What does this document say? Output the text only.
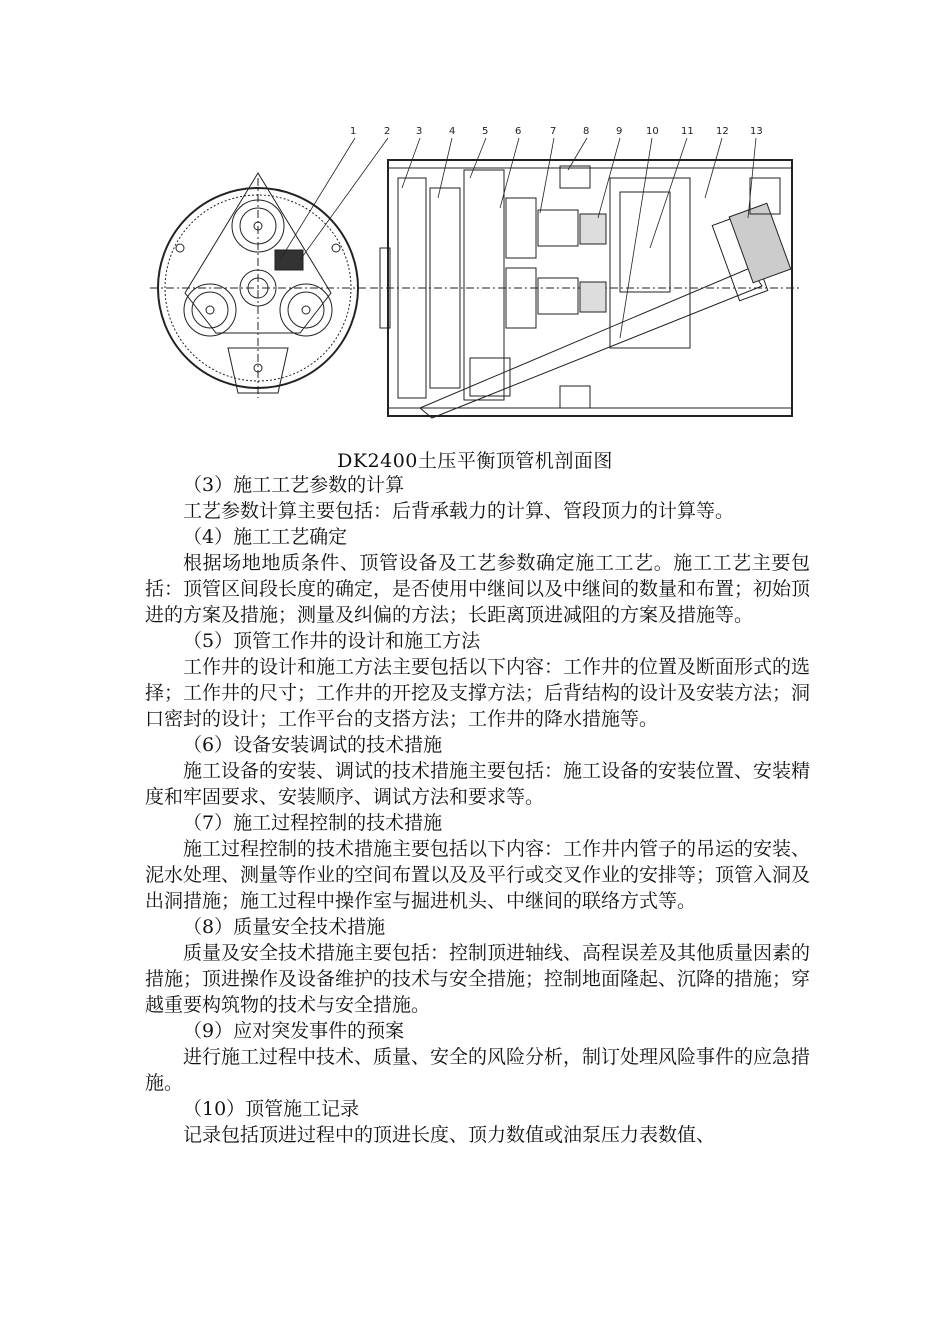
1	2	3	4	5	6	7	8	9 10 11 12 13
DK2400土压平衡顶管机剖面图

（3）施工工艺参数的计算

工艺参数计算主要包括：后背承载力的计算、管段顶力的计算等。

（4）施工工艺确定

根据场地地质条件、顶管设备及工艺参数确定施工工艺。施工工艺主要包括：顶管区间段长度的确定，是否使用中继间以及中继间的数量和布置；初始顶进的方案及措施；测量及纠偏的方法；长距离顶进减阻的方案及措施等。

（5）顶管工作井的设计和施工方法

工作井的设计和施工方法主要包括以下内容：工作井的位置及断面形式的选择；工作井的尺寸；工作井的开挖及支撑方法；后背结构的设计及安装方法；洞口密封的设计；工作平台的支搭方法；工作井的降水措施等。

（6）设备安装调试的技术措施

施工设备的安装、调试的技术措施主要包括：施工设备的安装位置、安装精度和牢固要求、安装顺序、调试方法和要求等。

（7）施工过程控制的技术措施

施工过程控制的技术措施主要包括以下内容：工作井内管子的吊运的安装、泥水处理、测量等作业的空间布置以及及平行或交叉作业的安排等；顶管入洞及出洞措施；施工过程中操作室与掘进机头、中继间的联络方式等。

（8）质量安全技术措施

质量及安全技术措施主要包括：控制顶进轴线、高程误差及其他质量因素的措施；顶进操作及设备维护的技术与安全措施；控制地面隆起、沉降的措施；穿越重要构筑物的技术与安全措施。

（9）应对突发事件的预案

进行施工过程中技术、质量、安全的风险分析，制订处理风险事件的应急措施。

（10）顶管施工记录

记录包括顶进过程中的顶进长度、顶力数值或油泵压力表数值、
